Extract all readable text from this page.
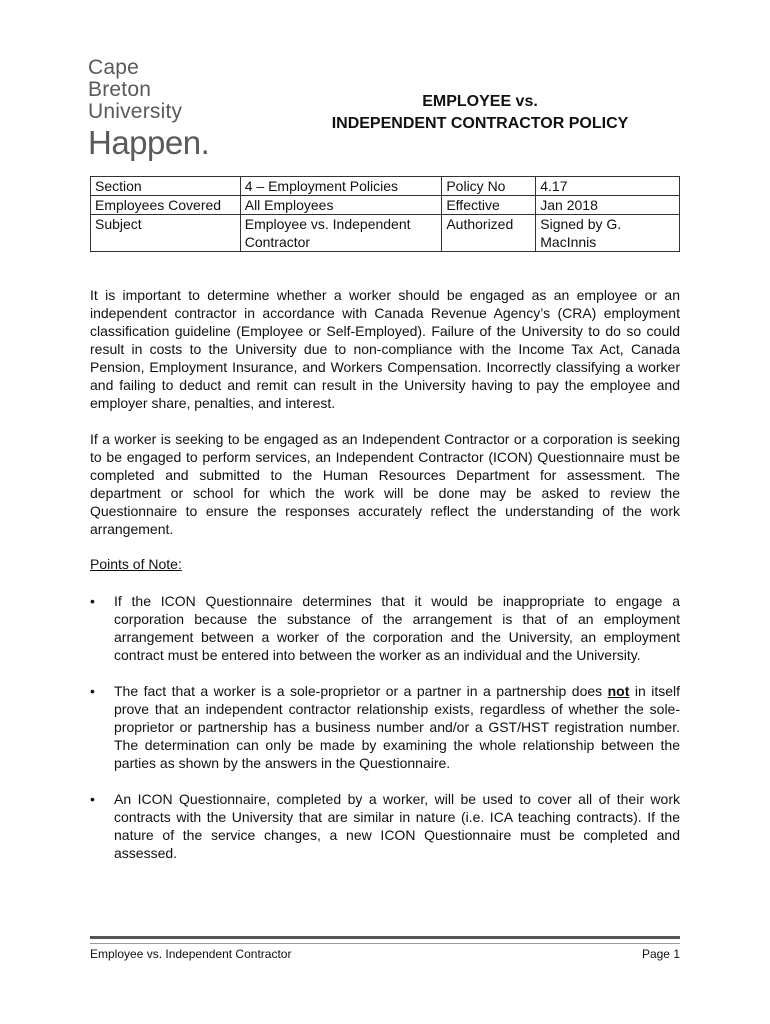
Cape
Breton
University
Happen.
EMPLOYEE vs.
INDEPENDENT CONTRACTOR POLICY
Section	4 – Employment Policies	Policy No	4.17
Employees Covered	All Employees	Effective	Jan 2018
Subject	Employee vs. Independent Contractor	Authorized	Signed by G. MacInnis
It is important to determine whether a worker should be engaged as an employee or an independent contractor in accordance with Canada Revenue Agency’s (CRA) employment classification guideline (Employee or Self-Employed). Failure of the University to do so could result in costs to the University due to non-compliance with the Income Tax Act, Canada Pension, Employment Insurance, and Workers Compensation. Incorrectly classifying a worker and failing to deduct and remit can result in the University having to pay the employee and employer share, penalties, and interest.
If a worker is seeking to be engaged as an Independent Contractor or a corporation is seeking to be engaged to perform services, an Independent Contractor (ICON) Questionnaire must be completed and submitted to the Human Resources Department for assessment. The department or school for which the work will be done may be asked to review the Questionnaire to ensure the responses accurately reflect the understanding of the work arrangement.
Points of Note:
• If the ICON Questionnaire determines that it would be inappropriate to engage a corporation because the substance of the arrangement is that of an employment arrangement between a worker of the corporation and the University, an employment contract must be entered into between the worker as an individual and the University.
• The fact that a worker is a sole-proprietor or a partner in a partnership does not in itself prove that an independent contractor relationship exists, regardless of whether the sole-proprietor or partnership has a business number and/or a GST/HST registration number. The determination can only be made by examining the whole relationship between the parties as shown by the answers in the Questionnaire.
• An ICON Questionnaire, completed by a worker, will be used to cover all of their work contracts with the University that are similar in nature (i.e. ICA teaching contracts). If the nature of the service changes, a new ICON Questionnaire must be completed and assessed.
Employee vs. Independent Contractor	Page 1
